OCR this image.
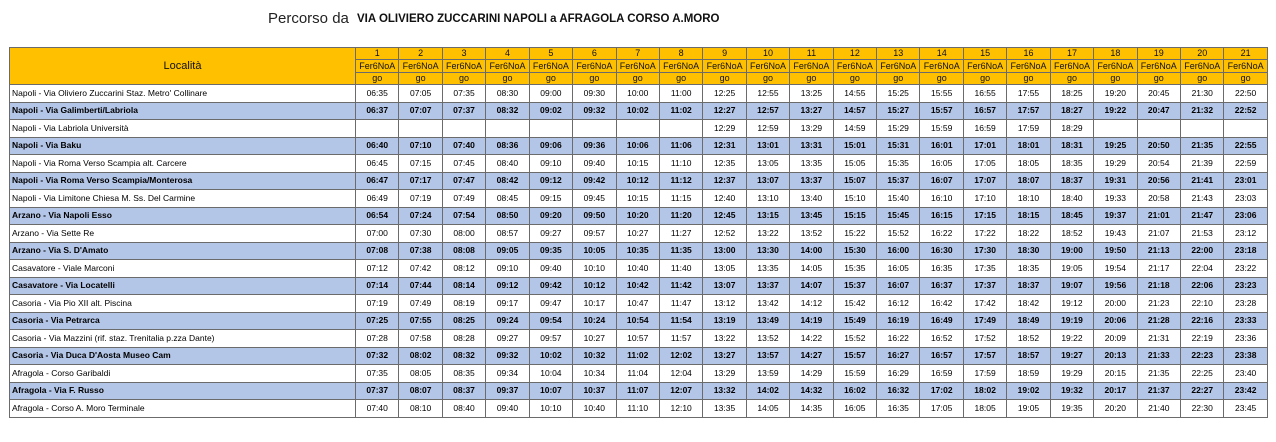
Percorso da VIA OLIVIERO ZUCCARINI NAPOLI a AFRAGOLA CORSO A.MORO
Località	1	2	3	4	5	6	7	8	9	10	11	12	13	14	15	16	17	18	19	20	21
	Fer6NoA	Fer6NoA	Fer6NoA	Fer6NoA	Fer6NoA	Fer6NoA	Fer6NoA	Fer6NoA	Fer6NoA	Fer6NoA	Fer6NoA	Fer6NoA	Fer6NoA	Fer6NoA	Fer6NoA	Fer6NoA	Fer6NoA	Fer6NoA	Fer6NoA	Fer6NoA	Fer6NoA
	go	go	go	go	go	go	go	go	go	go	go	go	go	go	go	go	go	go	go	go	go
Napoli - Via Oliviero Zuccarini Staz. Metro' Collinare	06:35	07:05	07:35	08:30	09:00	09:30	10:00	11:00	12:25	12:55	13:25	14:55	15:25	15:55	16:55	17:55	18:25	19:20	20:45	21:30	22:50
Napoli - Via Galimberti/Labriola	06:37	07:07	07:37	08:32	09:02	09:32	10:02	11:02	12:27	12:57	13:27	14:57	15:27	15:57	16:57	17:57	18:27	19:22	20:47	21:32	22:52
Napoli - Via Labriola Università									12:29	12:59	13:29	14:59	15:29	15:59	16:59	17:59	18:29				
Napoli - Via Baku	06:40	07:10	07:40	08:36	09:06	09:36	10:06	11:06	12:31	13:01	13:31	15:01	15:31	16:01	17:01	18:01	18:31	19:25	20:50	21:35	22:55
Napoli - Via Roma Verso Scampia alt. Carcere	06:45	07:15	07:45	08:40	09:10	09:40	10:15	11:10	12:35	13:05	13:35	15:05	15:35	16:05	17:05	18:05	18:35	19:29	20:54	21:39	22:59
Napoli - Via Roma Verso Scampia/Monterosa	06:47	07:17	07:47	08:42	09:12	09:42	10:12	11:12	12:37	13:07	13:37	15:07	15:37	16:07	17:07	18:07	18:37	19:31	20:56	21:41	23:01
Napoli - Via Limitone Chiesa M. Ss. Del Carmine	06:49	07:19	07:49	08:45	09:15	09:45	10:15	11:15	12:40	13:10	13:40	15:10	15:40	16:10	17:10	18:10	18:40	19:33	20:58	21:43	23:03
Arzano - Via Napoli Esso	06:54	07:24	07:54	08:50	09:20	09:50	10:20	11:20	12:45	13:15	13:45	15:15	15:45	16:15	17:15	18:15	18:45	19:37	21:01	21:47	23:06
Arzano - Via Sette Re	07:00	07:30	08:00	08:57	09:27	09:57	10:27	11:27	12:52	13:22	13:52	15:22	15:52	16:22	17:22	18:22	18:52	19:43	21:07	21:53	23:12
Arzano - Via S. D'Amato	07:08	07:38	08:08	09:05	09:35	10:05	10:35	11:35	13:00	13:30	14:00	15:30	16:00	16:30	17:30	18:30	19:00	19:50	21:13	22:00	23:18
Casavatore - Viale Marconi	07:12	07:42	08:12	09:10	09:40	10:10	10:40	11:40	13:05	13:35	14:05	15:35	16:05	16:35	17:35	18:35	19:05	19:54	21:17	22:04	23:22
Casavatore - Via Locatelli	07:14	07:44	08:14	09:12	09:42	10:12	10:42	11:42	13:07	13:37	14:07	15:37	16:07	16:37	17:37	18:37	19:07	19:56	21:18	22:06	23:23
Casoria - Via Pio XII alt. Piscina	07:19	07:49	08:19	09:17	09:47	10:17	10:47	11:47	13:12	13:42	14:12	15:42	16:12	16:42	17:42	18:42	19:12	20:00	21:23	22:10	23:28
Casoria - Via Petrarca	07:25	07:55	08:25	09:24	09:54	10:24	10:54	11:54	13:19	13:49	14:19	15:49	16:19	16:49	17:49	18:49	19:19	20:06	21:28	22:16	23:33
Casoria - Via Mazzini (rif. staz. Trenitalia p.zza Dante)	07:28	07:58	08:28	09:27	09:57	10:27	10:57	11:57	13:22	13:52	14:22	15:52	16:22	16:52	17:52	18:52	19:22	20:09	21:31	22:19	23:36
Casoria - Via Duca D'Aosta Museo Cam	07:32	08:02	08:32	09:32	10:02	10:32	11:02	12:02	13:27	13:57	14:27	15:57	16:27	16:57	17:57	18:57	19:27	20:13	21:33	22:23	23:38
Afragola - Corso Garibaldi	07:35	08:05	08:35	09:34	10:04	10:34	11:04	12:04	13:29	13:59	14:29	15:59	16:29	16:59	17:59	18:59	19:29	20:15	21:35	22:25	23:40
Afragola - Via F. Russo	07:37	08:07	08:37	09:37	10:07	10:37	11:07	12:07	13:32	14:02	14:32	16:02	16:32	17:02	18:02	19:02	19:32	20:17	21:37	22:27	23:42
Afragola - Corso A. Moro Terminale	07:40	08:10	08:40	09:40	10:10	10:40	11:10	12:10	13:35	14:05	14:35	16:05	16:35	17:05	18:05	19:05	19:35	20:20	21:40	22:30	23:45
